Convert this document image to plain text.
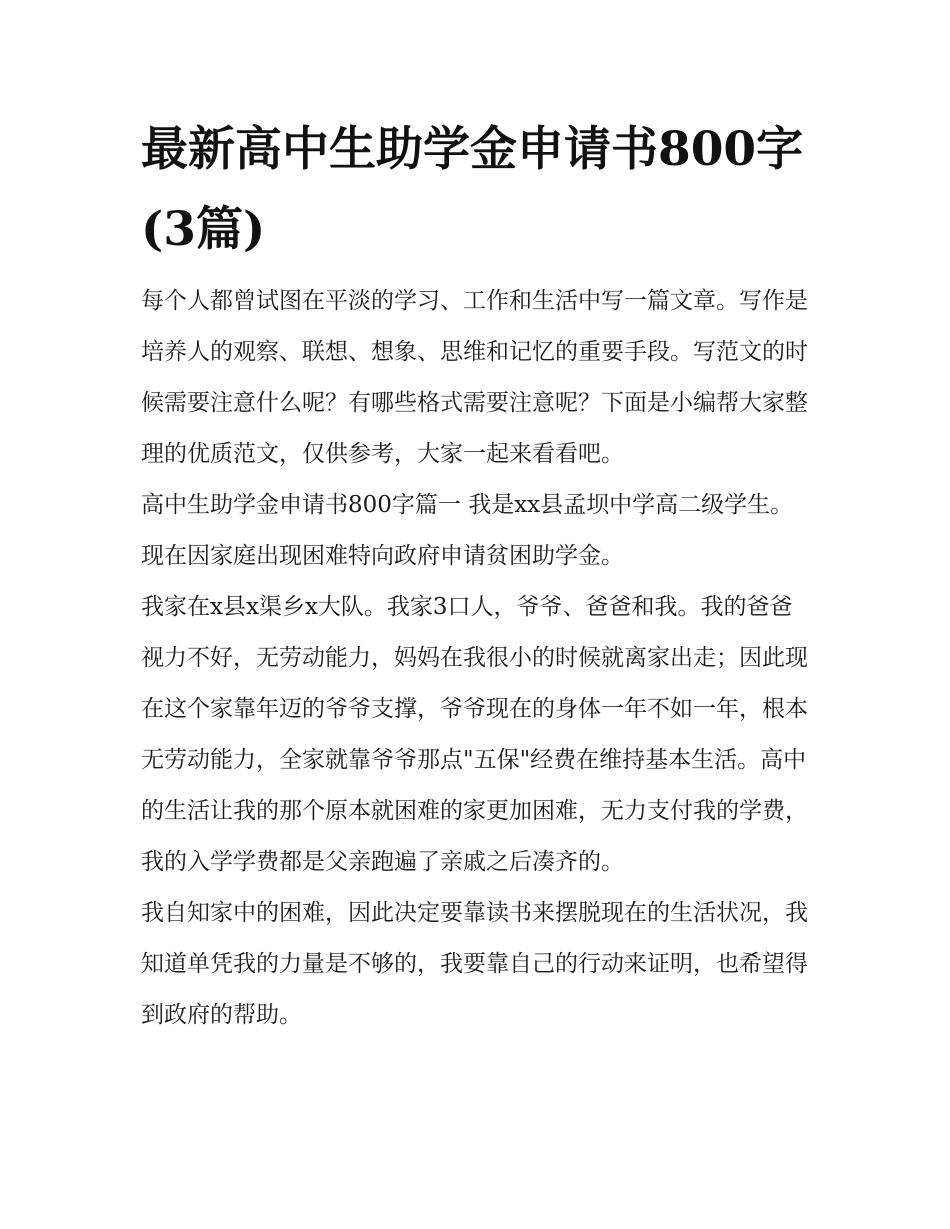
最新高中生助学金申请书800字(3篇)

每个人都曾试图在平淡的学习、工作和生活中写一篇文章。写作是培养人的观察、联想、想象、思维和记忆的重要手段。写范文的时候需要注意什么呢？有哪些格式需要注意呢？下面是小编帮大家整理的优质范文，仅供参考，大家一起来看看吧。

高中生助学金申请书800字篇一 我是xx县孟坝中学高二级学生。现在因家庭出现困难特向政府申请贫困助学金。

我家在x县x渠乡x大队。我家3口人，爷爷、爸爸和我。我的爸爸视力不好，无劳动能力，妈妈在我很小的时候就离家出走；因此现在这个家靠年迈的爷爷支撑，爷爷现在的身体一年不如一年，根本无劳动能力，全家就靠爷爷那点"五保"经费在维持基本生活。高中的生活让我的那个原本就困难的家更加困难，无力支付我的学费，我的入学学费都是父亲跑遍了亲戚之后凑齐的。

我自知家中的困难，因此决定要靠读书来摆脱现在的生活状况，我知道单凭我的力量是不够的，我要靠自己的行动来证明，也希望得到政府的帮助。
